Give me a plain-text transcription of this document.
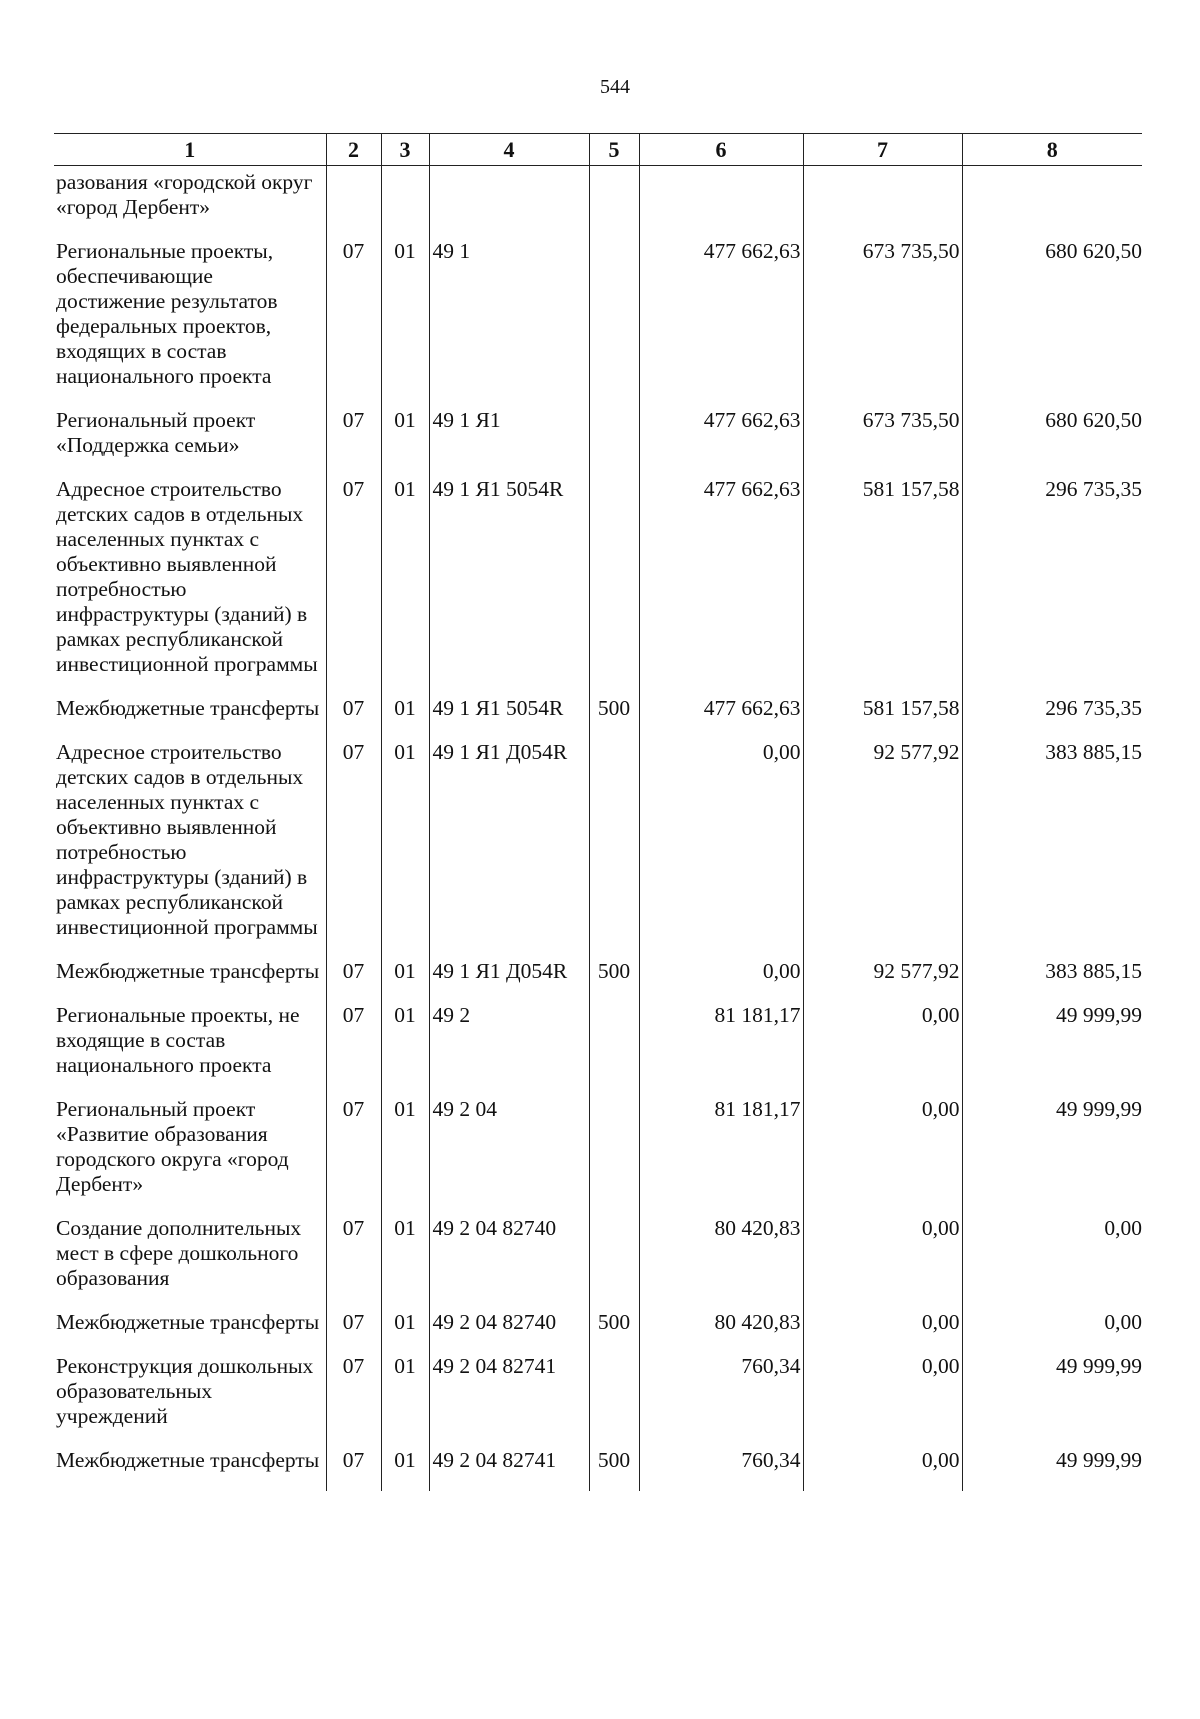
544
1	2	3	4	5	6	7	8
разования «городской округ «город Дербент»							
Региональные проекты, обеспечивающие достижение результатов федеральных проектов, входящих в состав национального проекта	07	01	49 1		477 662,63	673 735,50	680 620,50
Региональный проект «Поддержка семьи»	07	01	49 1 Я1		477 662,63	673 735,50	680 620,50
Адресное строительство детских садов в отдельных населенных пунктах с объективно выявленной потребностью инфраструктуры (зданий) в рамках республиканской инвестиционной программы	07	01	49 1 Я1 5054R		477 662,63	581 157,58	296 735,35
Межбюджетные трансферты	07	01	49 1 Я1 5054R	500	477 662,63	581 157,58	296 735,35
Адресное строительство детских садов в отдельных населенных пунктах с объективно выявленной потребностью инфраструктуры (зданий) в рамках республиканской инвестиционной программы	07	01	49 1 Я1 Д054R		0,00	92 577,92	383 885,15
Межбюджетные трансферты	07	01	49 1 Я1 Д054R	500	0,00	92 577,92	383 885,15
Региональные проекты, не входящие в состав национального проекта	07	01	49 2		81 181,17	0,00	49 999,99
Региональный проект «Развитие образования городского округа «город Дербент»	07	01	49 2 04		81 181,17	0,00	49 999,99
Создание дополнительных мест в сфере дошкольного образования	07	01	49 2 04 82740		80 420,83	0,00	0,00
Межбюджетные трансферты	07	01	49 2 04 82740	500	80 420,83	0,00	0,00
Реконструкция дошкольных образовательных учреждений	07	01	49 2 04 82741		760,34	0,00	49 999,99
Межбюджетные трансферты	07	01	49 2 04 82741	500	760,34	0,00	49 999,99
